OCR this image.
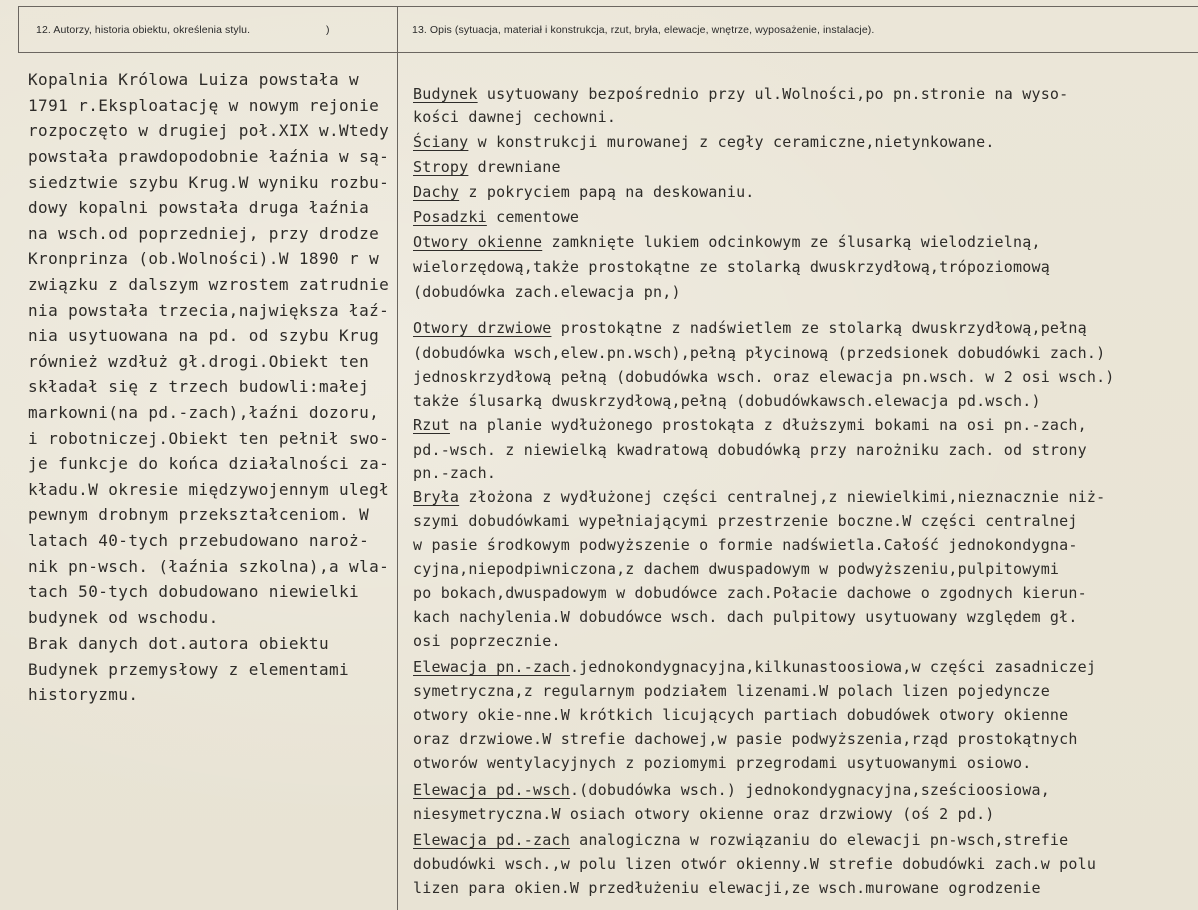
12. Autorzy, historia obiektu, określenia stylu.	)	13. Opis (sytuacja, materiał i konstrukcja, rzut, bryła, elewacje, wnętrze, wyposażenie, instalacje).
Kopalnia Królowa Luiza powstała w
1791 r.Eksploatację w nowym rejonie
rozpoczęto w drugiej poł.XIX w.Wtedy
powstała prawdopodobnie łaźnia w są-
siedztwie szybu Krug.W wyniku rozbu-
dowy kopalni powstała druga łaźnia
na wsch.od poprzedniej, przy drodze
Kronprinza (ob.Wolności).W 1890 r w
związku z dalszym wzrostem zatrudnie
nia powstała trzecia,największa łaź-
nia usytuowana na pd. od szybu Krug
również wzdłuż gł.drogi.Obiekt ten
składał się z trzech budowli:małej
markowni(na pd.-zach),łaźni dozoru,
i robotniczej.Obiekt ten pełnił swo-
je funkcje do końca działalności za-
kładu.W okresie międzywojennym uległ
pewnym drobnym przekształceniom. W
latach 40-tych przebudowano naroż-
nik pn-wsch. (łaźnia szkolna),a wla-
tach 50-tych dobudowano niewielki
budynek od wschodu.
Brak danych dot.autora obiektu
Budynek przemysłowy z elementami
historyzmu.
Budynek usytuowany bezpośrednio przy ul.Wolności,po pn.stronie na wyso-
kości dawnej cechowni.
Ściany w konstrukcji murowanej z cegły ceramiczne,nietynkowane.
Stropy drewniane
Dachy z pokryciem papą na deskowaniu.
Posadzki cementowe
Otwory okienne zamknięte lukiem odcinkowym ze ślusarką wielodzielną,
wielorzędową,także prostokątne ze stolarką dwuskrzydłową,trópoziomową
(dobudówka zach.elewacja pn,)
Otwory drzwiowe prostokątne z nadświetlem ze stolarką dwuskrzydłową,pełną
(dobudówka wsch,elew.pn.wsch),pełną płycinową (przedsionek dobudówki zach.)
jednoskrzydłową pełną (dobudówka wsch. oraz elewacja pn.wsch. w 2 osi wsch.)
także ślusarką dwuskrzydłową,pełną (dobudówkawsch.elewacja pd.wsch.)
Rzut na planie wydłużonego prostokąta z dłuższymi bokami na osi pn.-zach,
pd.-wsch. z niewielką kwadratową dobudówką przy narożniku zach. od strony
pn.-zach.
Bryła złożona z wydłużonej części centralnej,z niewielkimi,nieznacznie niż-
szymi dobudówkami wypełniającymi przestrzenie boczne.W części centralnej
w pasie środkowym podwyższenie o formie nadświetla.Całość jednokondygna-
cyjna,niepodpiwniczona,z dachem dwuspadowym w podwyższeniu,pulpitowymi
po bokach,dwuspadowym w dobudówce zach.Połacie dachowe o zgodnych kierun-
kach nachylenia.W dobudówce wsch. dach pulpitowy usytuowany względem gł.
osi poprzecznie.
Elewacja pn.-zach.jednokondygnacyjna,kilkunastoosiowa,w części zasadniczej
symetryczna,z regularnym podziałem lizenami.W polach lizen pojedyncze
otwory okie-nne.W krótkich licujących partiach dobudówek otwory okienne
oraz drzwiowe.W strefie dachowej,w pasie podwyższenia,rząd prostokątnych
otworów wentylacyjnych z poziomymi przegrodami usytuowanymi osiowo.
Elewacja pd.-wsch.(dobudówka wsch.) jednokondygnacyjna,sześcioosiowa,
niesymetryczna.W osiach otwory okienne oraz drzwiowy (oś 2 pd.)
Elewacja pd.-zach analogiczna w rozwiązaniu do elewacji pn-wsch,strefie
dobudówki wsch.,w polu lizen otwór okienny.W strefie dobudówki zach.w polu
lizen para okien.W przedłużeniu elewacji,ze wsch.murowane ogrodzenie
